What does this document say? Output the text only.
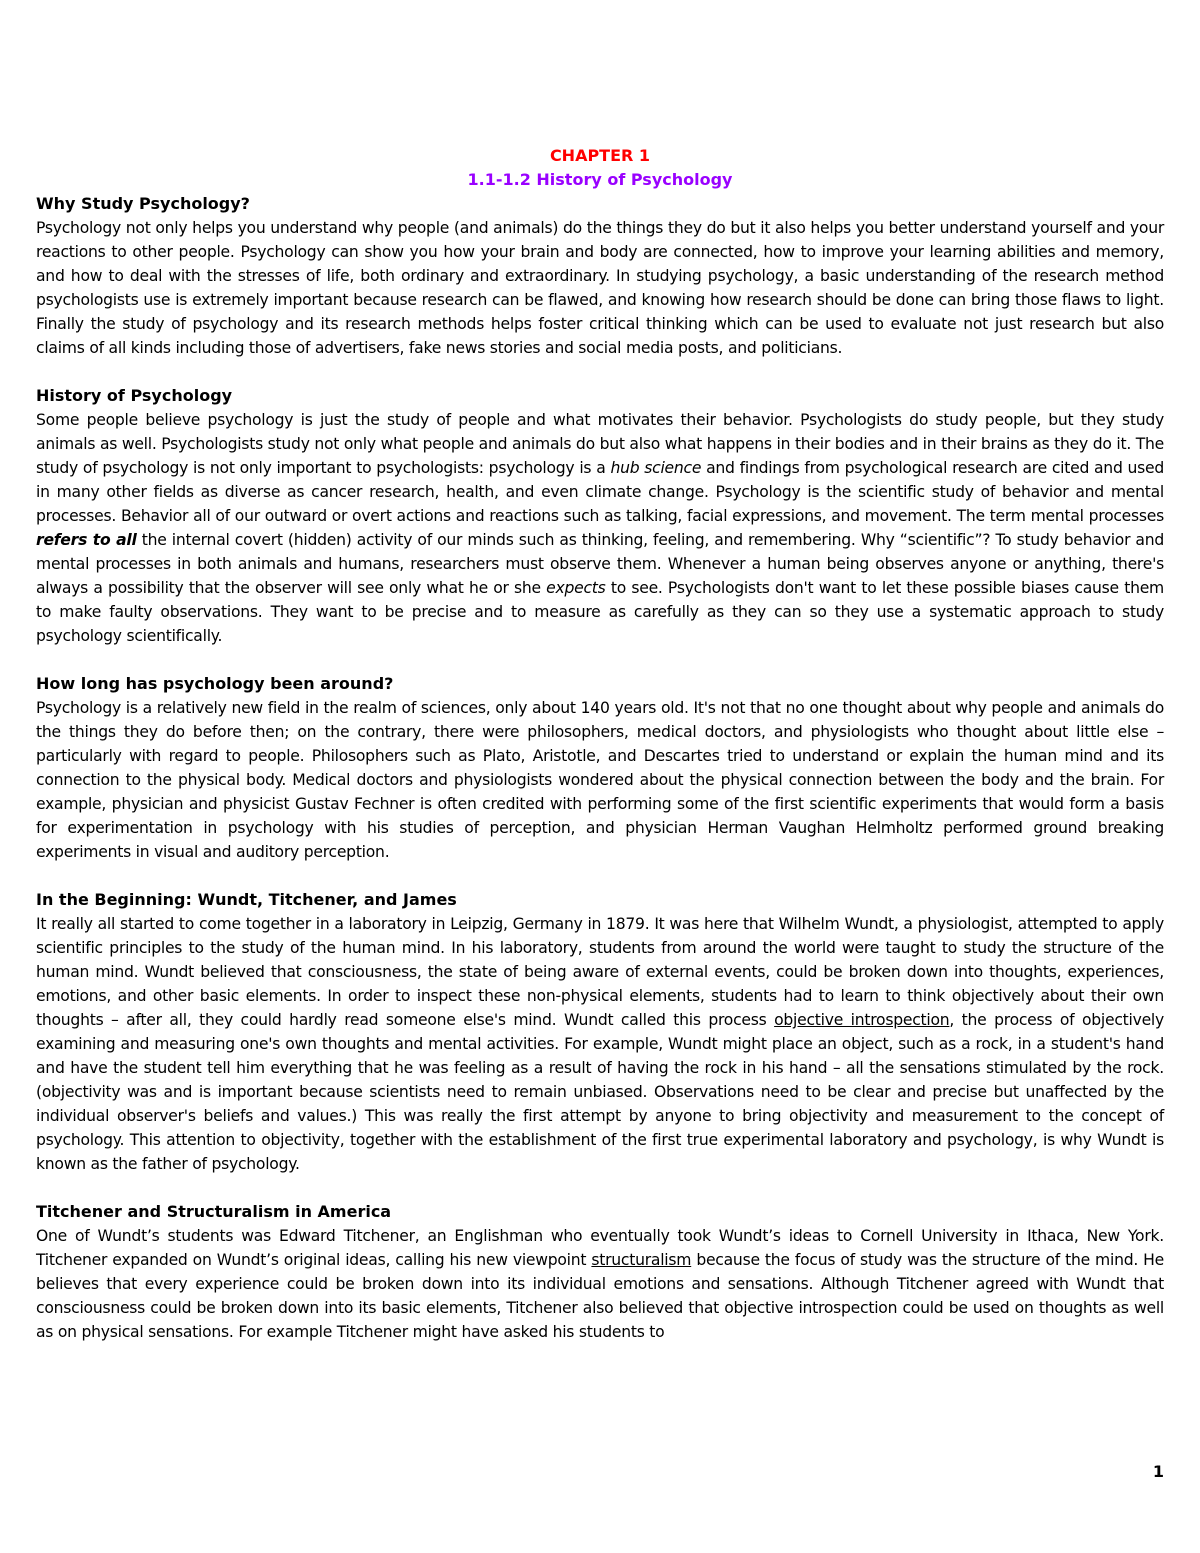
CHAPTER 1
1.1-1.2 History of Psychology
Why Study Psychology?

Psychology not only helps you understand why people (and animals) do the things they do but it also helps you better understand yourself and your reactions to other people. Psychology can show you how your brain and body are connected, how to improve your learning abilities and memory, and how to deal with the stresses of life, both ordinary and extraordinary. In studying psychology, a basic understanding of the research method psychologists use is extremely important because research can be flawed, and knowing how research should be done can bring those flaws to light. Finally the study of psychology and its research methods helps foster critical thinking which can be used to evaluate not just research but also claims of all kinds including those of advertisers, fake news stories and social media posts, and politicians.

History of Psychology

Some people believe psychology is just the study of people and what motivates their behavior. Psychologists do study people, but they study animals as well. Psychologists study not only what people and animals do but also what happens in their bodies and in their brains as they do it. The study of psychology is not only important to psychologists: psychology is a hub science and findings from psychological research are cited and used in many other fields as diverse as cancer research, health, and even climate change. Psychology is the scientific study of behavior and mental processes. Behavior all of our outward or overt actions and reactions such as talking, facial expressions, and movement. The term mental processes refers to all the internal covert (hidden) activity of our minds such as thinking, feeling, and remembering. Why “scientific”? To study behavior and mental processes in both animals and humans, researchers must observe them. Whenever a human being observes anyone or anything, there's always a possibility that the observer will see only what he or she expects to see. Psychologists don't want to let these possible biases cause them to make faulty observations. They want to be precise and to measure as carefully as they can so they use a systematic approach to study psychology scientifically.

How long has psychology been around?

Psychology is a relatively new field in the realm of sciences, only about 140 years old. It's not that no one thought about why people and animals do the things they do before then; on the contrary, there were philosophers, medical doctors, and physiologists who thought about little else – particularly with regard to people. Philosophers such as Plato, Aristotle, and Descartes tried to understand or explain the human mind and its connection to the physical body. Medical doctors and physiologists wondered about the physical connection between the body and the brain. For example, physician and physicist Gustav Fechner is often credited with performing some of the first scientific experiments that would form a basis for experimentation in psychology with his studies of perception, and physician Herman Vaughan Helmholtz performed ground breaking experiments in visual and auditory perception.

In the Beginning: Wundt, Titchener, and James

It really all started to come together in a laboratory in Leipzig, Germany in 1879. It was here that Wilhelm Wundt, a physiologist, attempted to apply scientific principles to the study of the human mind. In his laboratory, students from around the world were taught to study the structure of the human mind. Wundt believed that consciousness, the state of being aware of external events, could be broken down into thoughts, experiences, emotions, and other basic elements. In order to inspect these non-physical elements, students had to learn to think objectively about their own thoughts – after all, they could hardly read someone else's mind. Wundt called this process objective introspection, the process of objectively examining and measuring one's own thoughts and mental activities. For example, Wundt might place an object, such as a rock, in a student's hand and have the student tell him everything that he was feeling as a result of having the rock in his hand – all the sensations stimulated by the rock. (objectivity was and is important because scientists need to remain unbiased. Observations need to be clear and precise but unaffected by the individual observer's beliefs and values.) This was really the first attempt by anyone to bring objectivity and measurement to the concept of psychology. This attention to objectivity, together with the establishment of the first true experimental laboratory and psychology, is why Wundt is known as the father of psychology.

Titchener and Structuralism in America

One of Wundt’s students was Edward Titchener, an Englishman who eventually took Wundt’s ideas to Cornell University in Ithaca, New York. Titchener expanded on Wundt’s original ideas, calling his new viewpoint structuralism because the focus of study was the structure of the mind. He believes that every experience could be broken down into its individual emotions and sensations. Although Titchener agreed with Wundt that consciousness could be broken down into its basic elements, Titchener also believed that objective introspection could be used on thoughts as well as on physical sensations. For example Titchener might have asked his students to

1
